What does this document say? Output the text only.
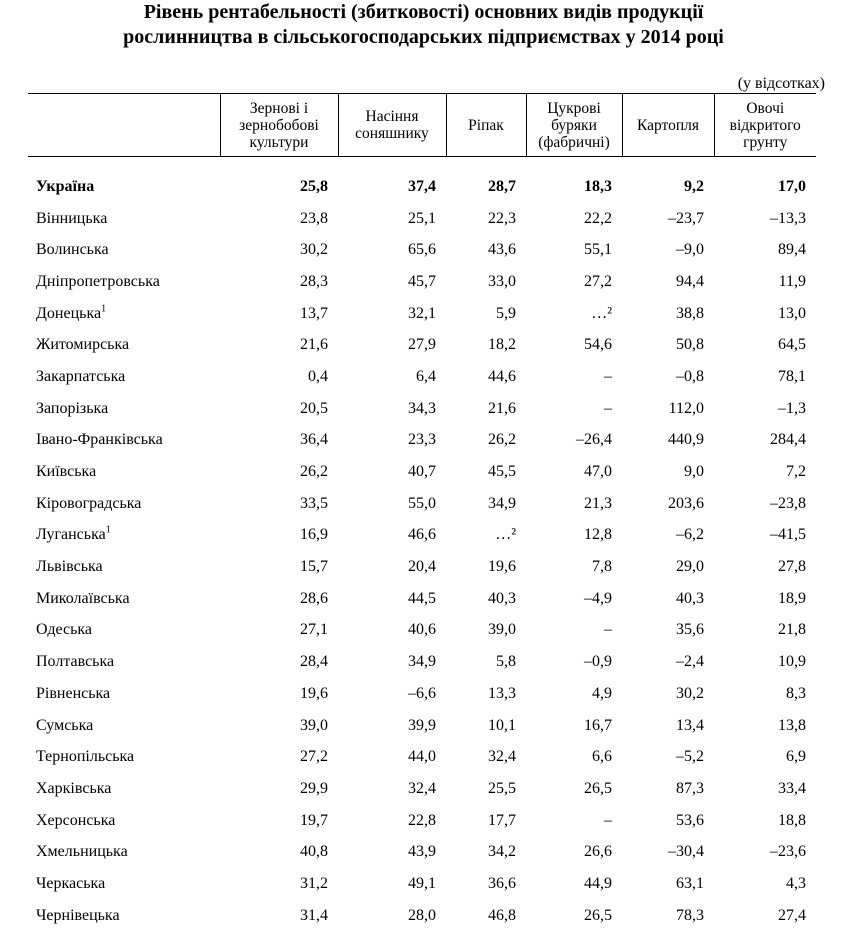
Рівень рентабельності (збитковості) основних видів продукції
рослинництва в сільськогосподарських підприємствах у 2014 році
(у відсотках)
	Зернові і зернобобові культури	Насіння соняшнику	Ріпак	Цукрові буряки (фабричні)	Картопля	Овочі відкритого грунту
Україна	25,8	37,4	28,7	18,3	9,2	17,0
Вінницька	23,8	25,1	22,3	22,2	–23,7	–13,3
Волинська	30,2	65,6	43,6	55,1	–9,0	89,4
Дніпропетровська	28,3	45,7	33,0	27,2	94,4	11,9
Донецька$^1$	13,7	32,1	5,9	…²	38,8	13,0
Житомирська	21,6	27,9	18,2	54,6	50,8	64,5
Закарпатська	0,4	6,4	44,6	–	–0,8	78,1
Запорізька	20,5	34,3	21,6	–	112,0	–1,3
Івано-Франківська	36,4	23,3	26,2	–26,4	440,9	284,4
Київська	26,2	40,7	45,5	47,0	9,0	7,2
Кіровоградська	33,5	55,0	34,9	21,3	203,6	–23,8
Луганська$^1$	16,9	46,6	…²	12,8	–6,2	–41,5
Львівська	15,7	20,4	19,6	7,8	29,0	27,8
Миколаївська	28,6	44,5	40,3	–4,9	40,3	18,9
Одеська	27,1	40,6	39,0	–	35,6	21,8
Полтавська	28,4	34,9	5,8	–0,9	–2,4	10,9
Рівненська	19,6	–6,6	13,3	4,9	30,2	8,3
Сумська	39,0	39,9	10,1	16,7	13,4	13,8
Тернопільська	27,2	44,0	32,4	6,6	–5,2	6,9
Харківська	29,9	32,4	25,5	26,5	87,3	33,4
Херсонська	19,7	22,8	17,7	–	53,6	18,8
Хмельницька	40,8	43,9	34,2	26,6	–30,4	–23,6
Черкаська	31,2	49,1	36,6	44,9	63,1	4,3
Чернівецька	31,4	28,0	46,8	26,5	78,3	27,4
